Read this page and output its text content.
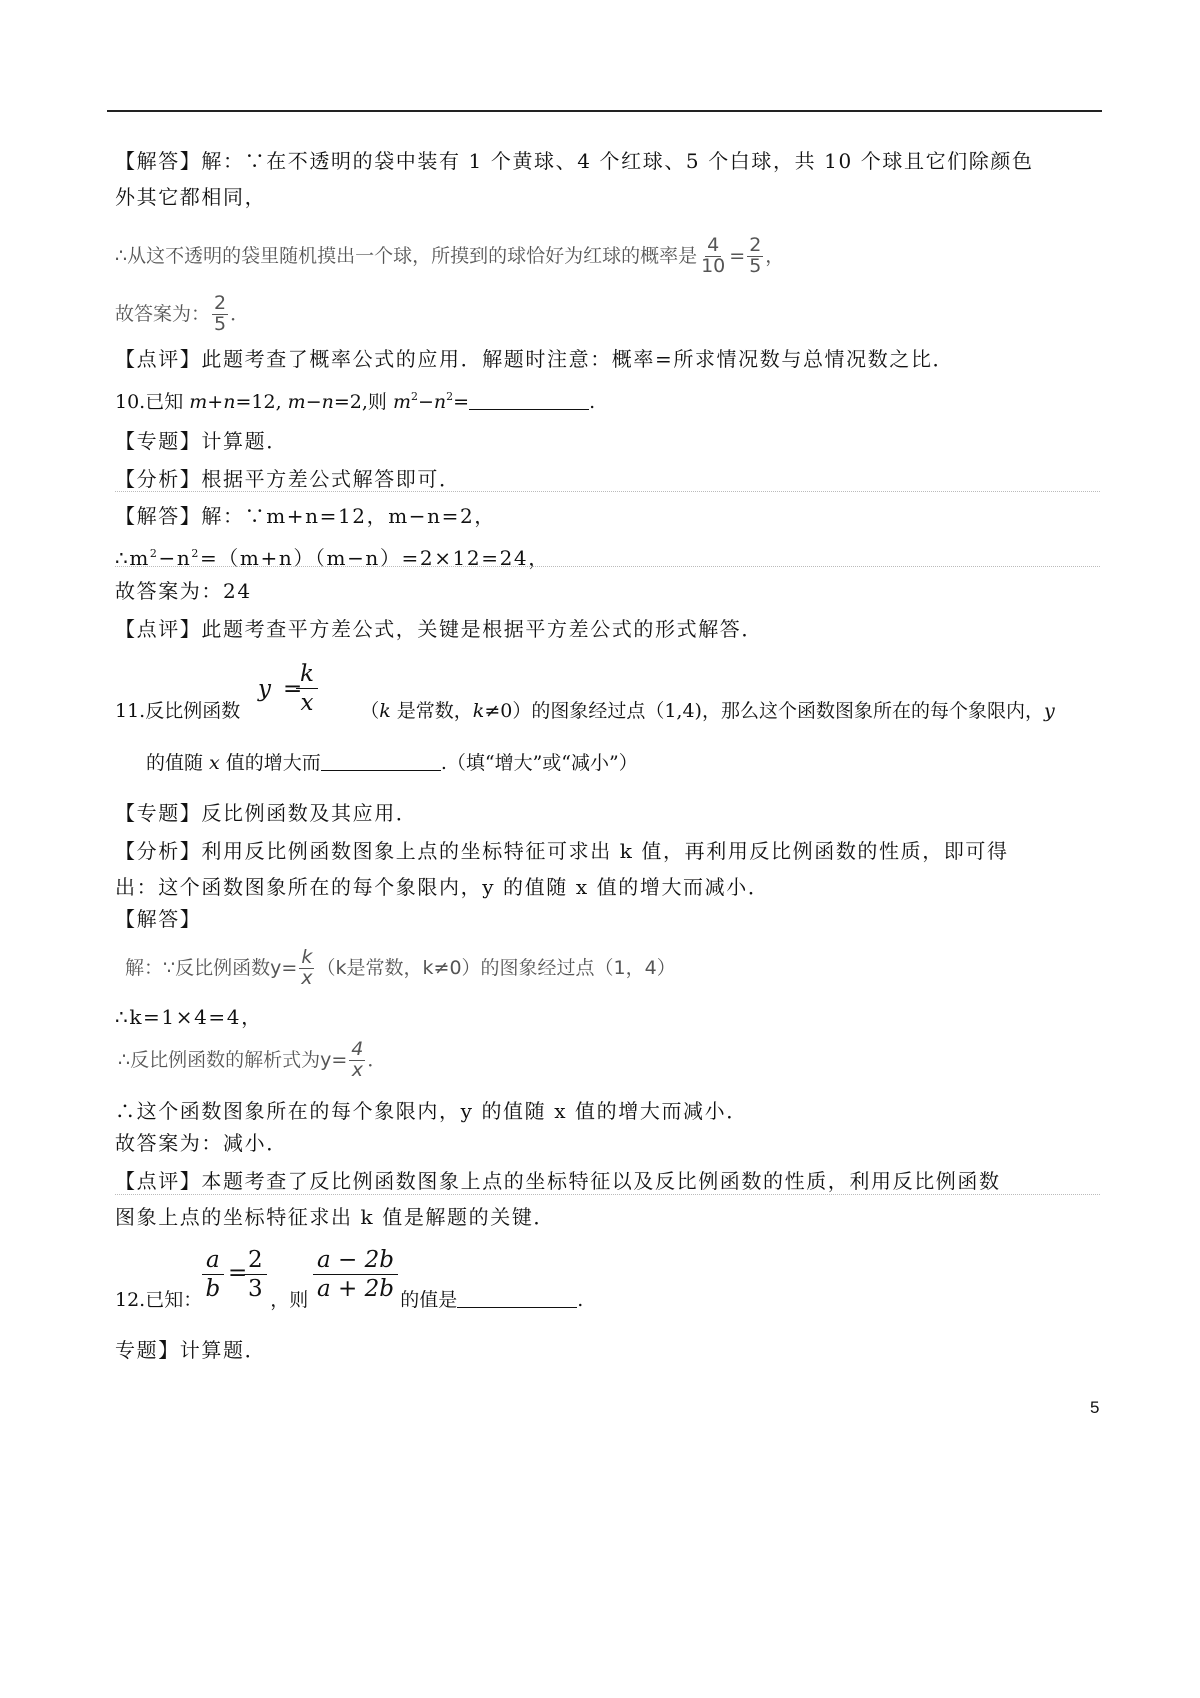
【解答】解：∵在不透明的袋中装有 1 个黄球、4 个红球、5 个白球，共 10 个球且它们除颜色
外其它都相同，
∴从这不透明的袋里随机摸出一个球，所摸到的球恰好为红球的概率是 $\frac{4}{10} = \frac{2}{5}$ ，
故答案为： $\frac{2}{5}$ ．
【点评】此题考查了概率公式的应用．解题时注意：概率=所求情况数与总情况数之比．
10.已知 m+n=12, m−n=2,则 $m^2-n^2=$	.
【专题】计算题．
【分析】根据平方差公式解答即可．
【解答】解：∵m+n=12，m−n=2，
$\therefore m^2-n^2=(m+n)(m-n)=2\times 12=24$，
故答案为：24
【点评】此题考查平方差公式，关键是根据平方差公式的形式解答．
y =
k
x
11.反比例函数	（k 是常数，k≠0）的图象经过点（1,4)，那么这个函数图象所在的每个象限内，y
的值随 x 值的增大而	.（填“增大”或“减小”）
【专题】反比例函数及其应用．
【分析】利用反比例函数图象上点的坐标特征可求出 k 值，再利用反比例函数的性质，即可得
出：这个函数图象所在的每个象限内，y 的值随 x 值的增大而减小．
【解答】
解：∵反比例函数$y= \frac{k}{x} (k$是常数，k≠0）的图象经过点（1，4）
∴k=1×4=4，
∴反比例函数的解析式为$y= \frac{4}{x}$ ．
∴这个函数图象所在的每个象限内，y 的值随 x 值的增大而减小．
故答案为：减小．
【点评】本题考查了反比例函数图象上点的坐标特征以及反比例函数的性质，利用反比例函数
图象上点的坐标特征求出 k 值是解题的关键．
a
b
= 2
3
a − 2b
a + 2b
12.已知：	，则	的值是	.
专题】计算题．
5
